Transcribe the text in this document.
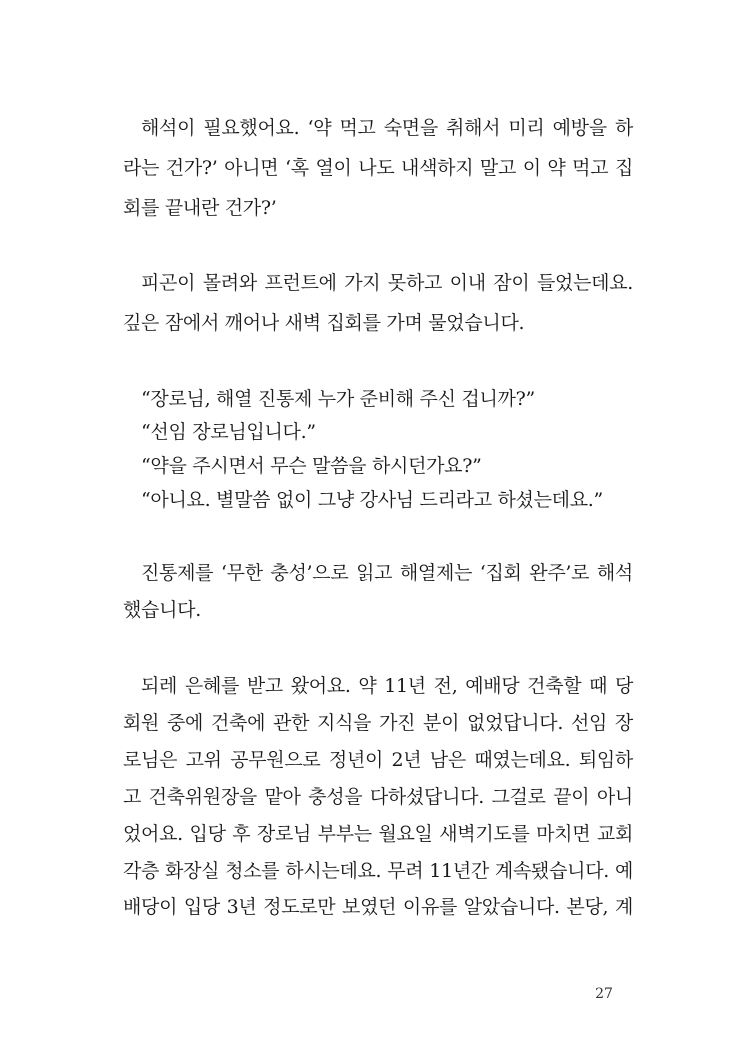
해석이 필요했어요. ‘약 먹고 숙면을 취해서 미리 예방을 하
라는 건가?’ 아니면 ‘혹 열이 나도 내색하지 말고 이 약 먹고 집
회를 끝내란 건가?’
피곤이 몰려와 프런트에 가지 못하고 이내 잠이 들었는데요.
깊은 잠에서 깨어나 새벽 집회를 가며 물었습니다.
“장로님, 해열 진통제 누가 준비해 주신 겁니까?”
“선임 장로님입니다.”
“약을 주시면서 무슨 말씀을 하시던가요?”
“아니요. 별말씀 없이 그냥 강사님 드리라고 하셨는데요.”
진통제를 ‘무한 충성’으로 읽고 해열제는 ‘집회 완주’로 해석
했습니다.
되레 은혜를 받고 왔어요. 약 11년 전, 예배당 건축할 때 당
회원 중에 건축에 관한 지식을 가진 분이 없었답니다. 선임 장
로님은 고위 공무원으로 정년이 2년 남은 때였는데요. 퇴임하
고 건축위원장을 맡아 충성을 다하셨답니다. 그걸로 끝이 아니
었어요. 입당 후 장로님 부부는 월요일 새벽기도를 마치면 교회
각층 화장실 청소를 하시는데요. 무려 11년간 계속됐습니다. 예
배당이 입당 3년 정도로만 보였던 이유를 알았습니다. 본당, 계
27
